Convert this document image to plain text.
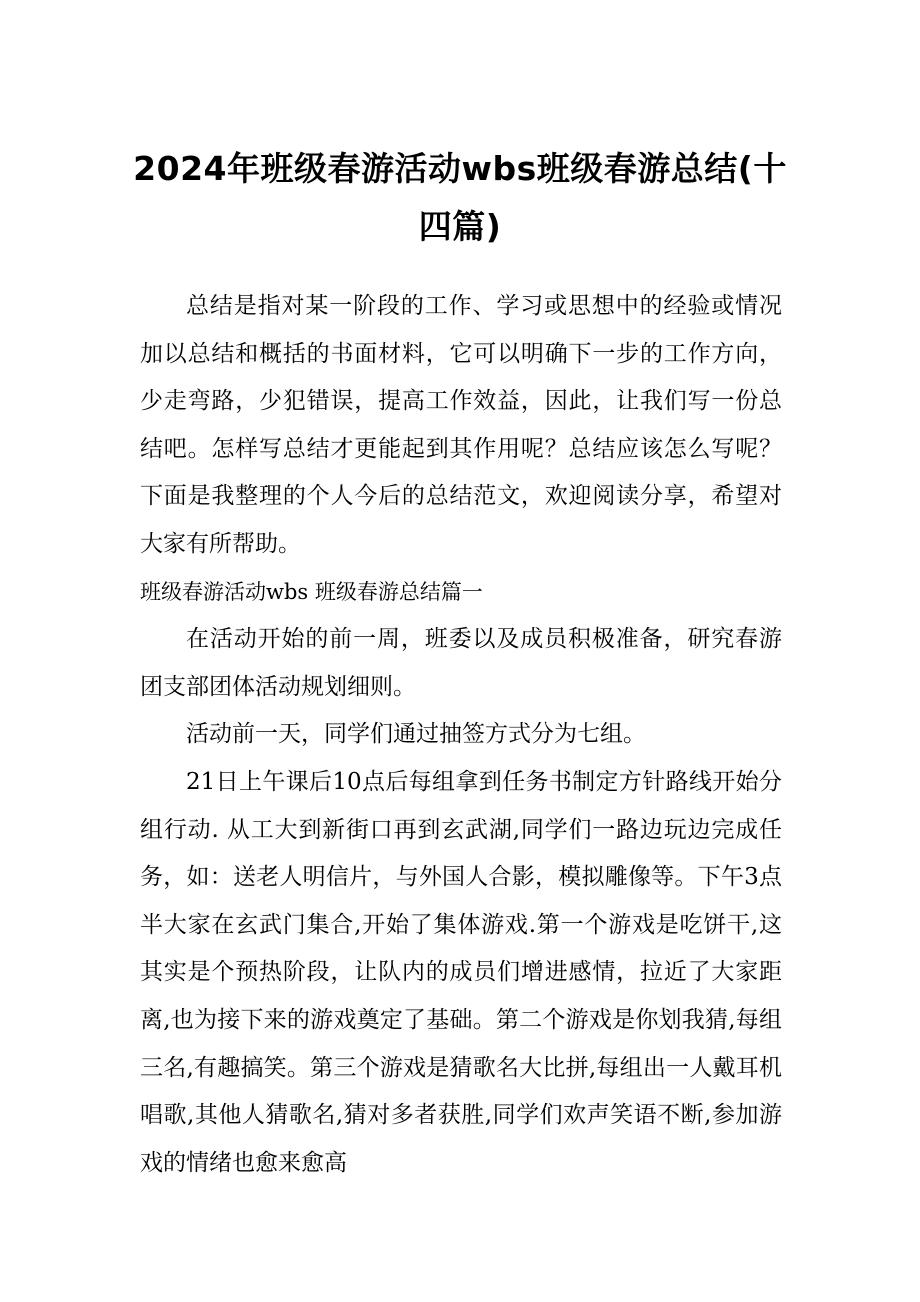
2024年班级春游活动wbs班级春游总结(十四篇)

总结是指对某一阶段的工作、学习或思想中的经验或情况加以总结和概括的书面材料，它可以明确下一步的工作方向，少走弯路，少犯错误，提高工作效益，因此，让我们写一份总结吧。怎样写总结才更能起到其作用呢？总结应该怎么写呢？下面是我整理的个人今后的总结范文，欢迎阅读分享，希望对大家有所帮助。

班级春游活动wbs 班级春游总结篇一

在活动开始的前一周，班委以及成员积极准备，研究春游团支部团体活动规划细则。

活动前一天，同学们通过抽签方式分为七组。

21日上午课后10点后每组拿到任务书制定方针路线开始分组行动. 从工大到新街口再到玄武湖,同学们一路边玩边完成任务，如：送老人明信片，与外国人合影，模拟雕像等。下午3点半大家在玄武门集合,开始了集体游戏.第一个游戏是吃饼干,这其实是个预热阶段，让队内的成员们增进感情，拉近了大家距离,也为接下来的游戏奠定了基础。第二个游戏是你划我猜,每组三名,有趣搞笑。第三个游戏是猜歌名大比拼,每组出一人戴耳机唱歌,其他人猜歌名,猜对多者获胜,同学们欢声笑语不断,参加游戏的情绪也愈来愈高
